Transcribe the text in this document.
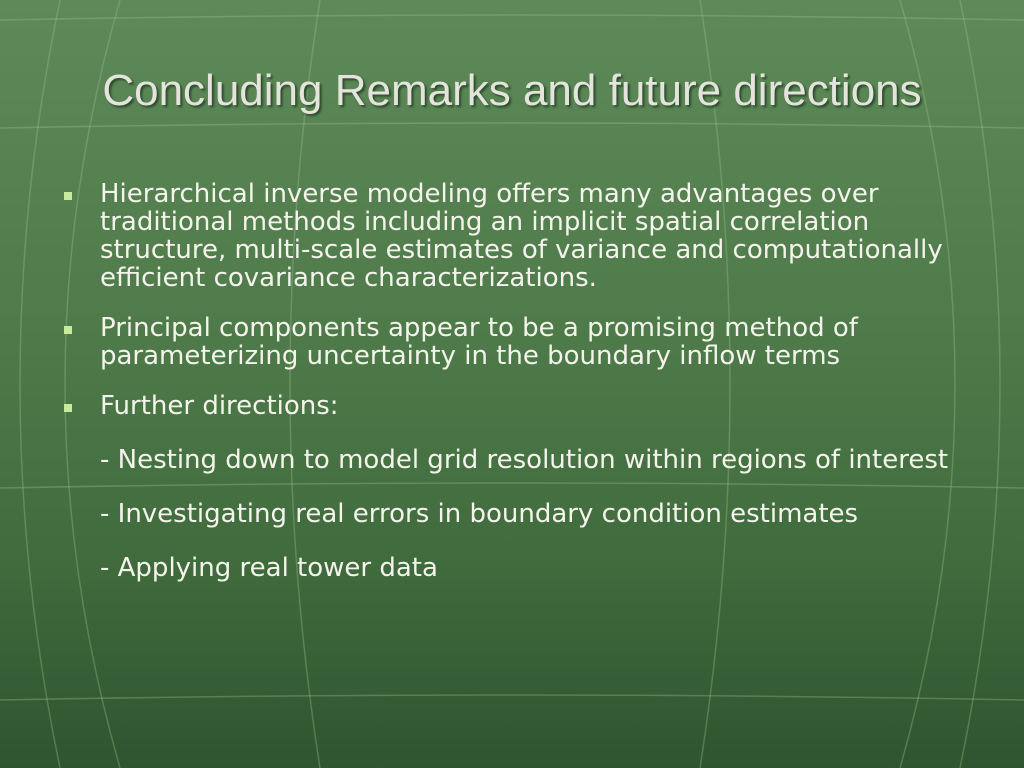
Concluding Remarks and future directions
Hierarchical inverse modeling offers many advantages over traditional methods including an implicit spatial correlation structure, multi-scale estimates of variance and computationally efficient covariance characterizations.
Principal components appear to be a promising method of parameterizing uncertainty in the boundary inflow terms
Further directions:
- Nesting down to model grid resolution within regions of interest
- Investigating real errors in boundary condition estimates
- Applying real tower data
